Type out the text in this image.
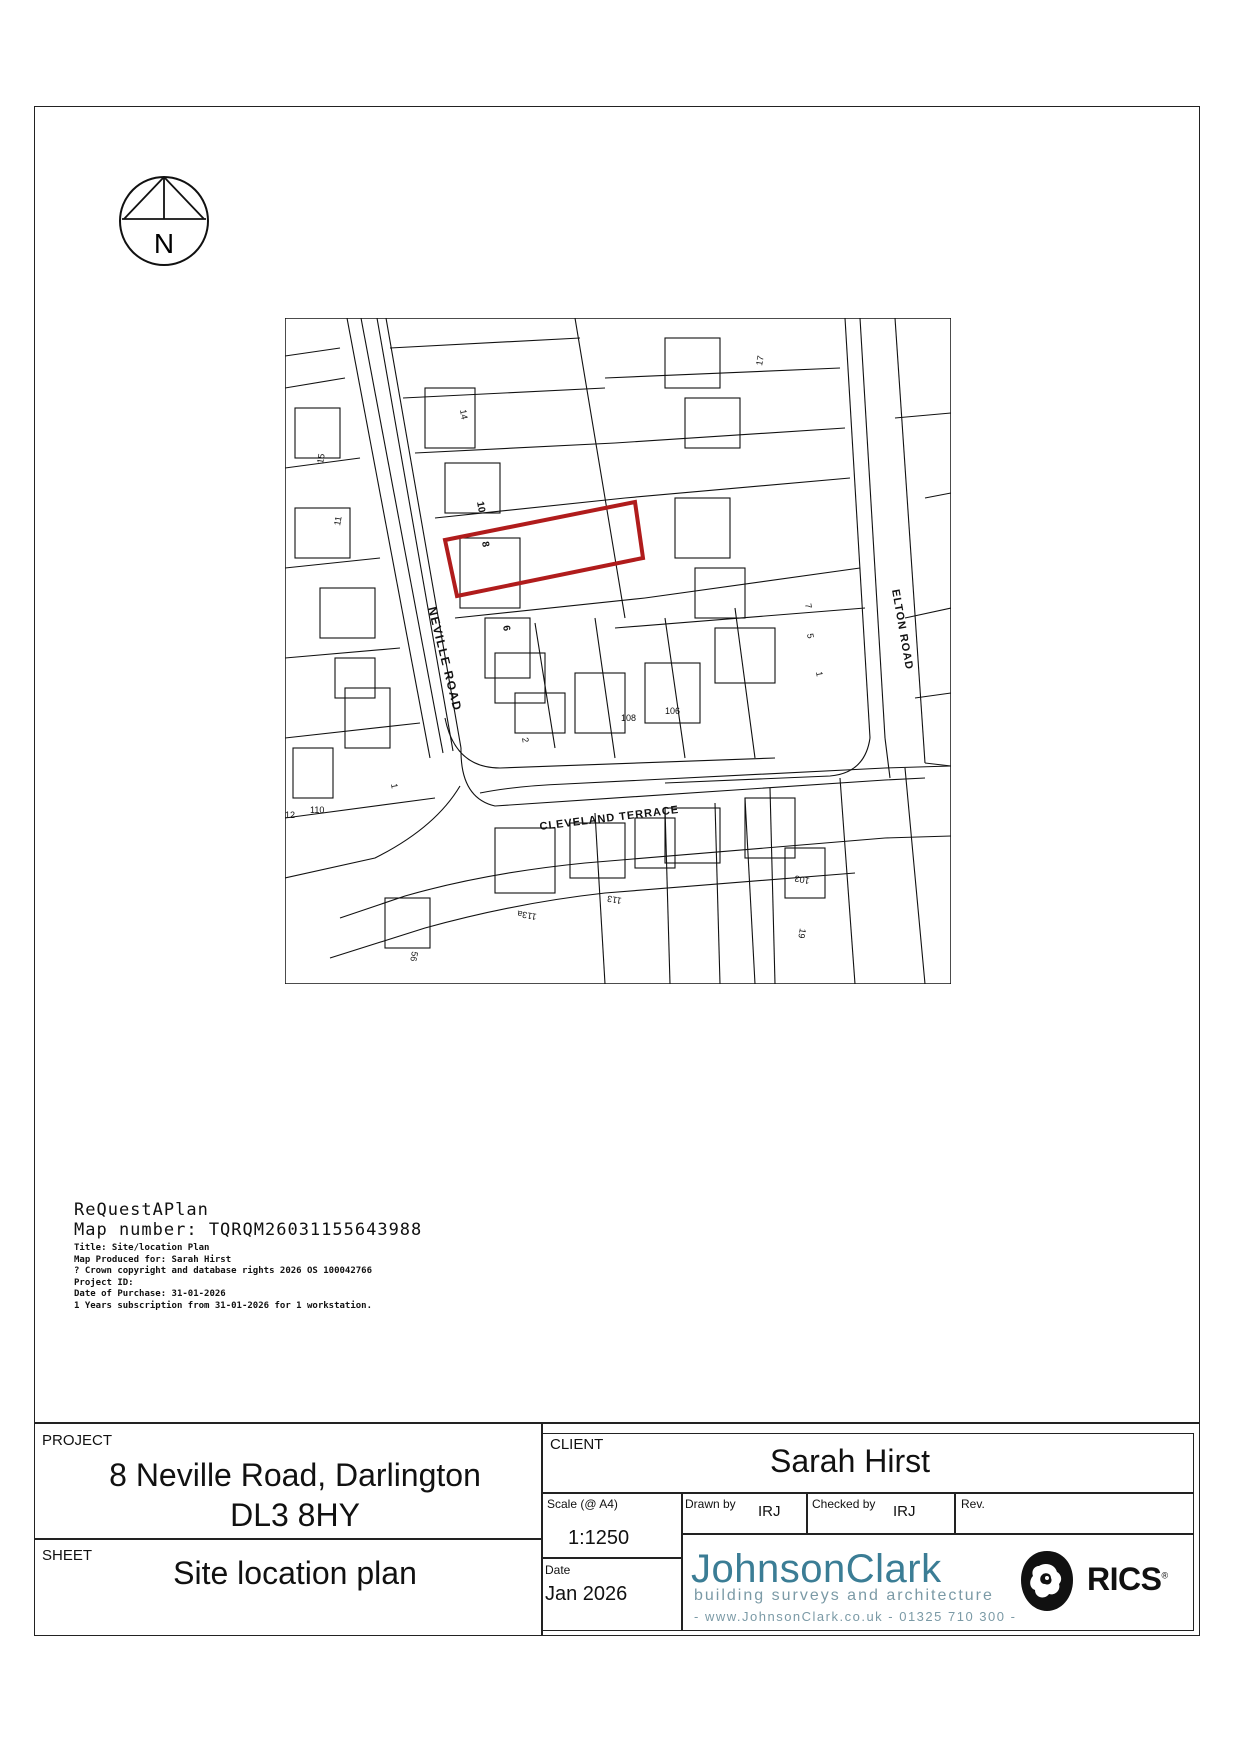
N
NEVILLE ROAD
CLEVELAND TERRACE
ELTON ROAD
14
15
17
10
11
8
6
7
5
1
2
108
106
110
12
1
113
113a
103
19
56
ReQuestAPlan
Map number: TQRQM26031155643988
Title: Site/location Plan
Map Produced for: Sarah Hirst
? Crown copyright and database rights 2026 OS 100042766
Project ID:
Date of Purchase: 31-01-2026
1 Years subscription from 31-01-2026 for 1 workstation.
PROJECT
8 Neville Road, Darlington
DL3 8HY
SHEET	Site location plan
CLIENT	Sarah Hirst
Scale (@ A4)
1:1250
Drawn by IRJ	Checked by IRJ	Rev.
Date
Jan 2026
JohnsonClark
building surveys and architecture
- www.JohnsonClark.co.uk - 01325 710 300 -
RICS®
